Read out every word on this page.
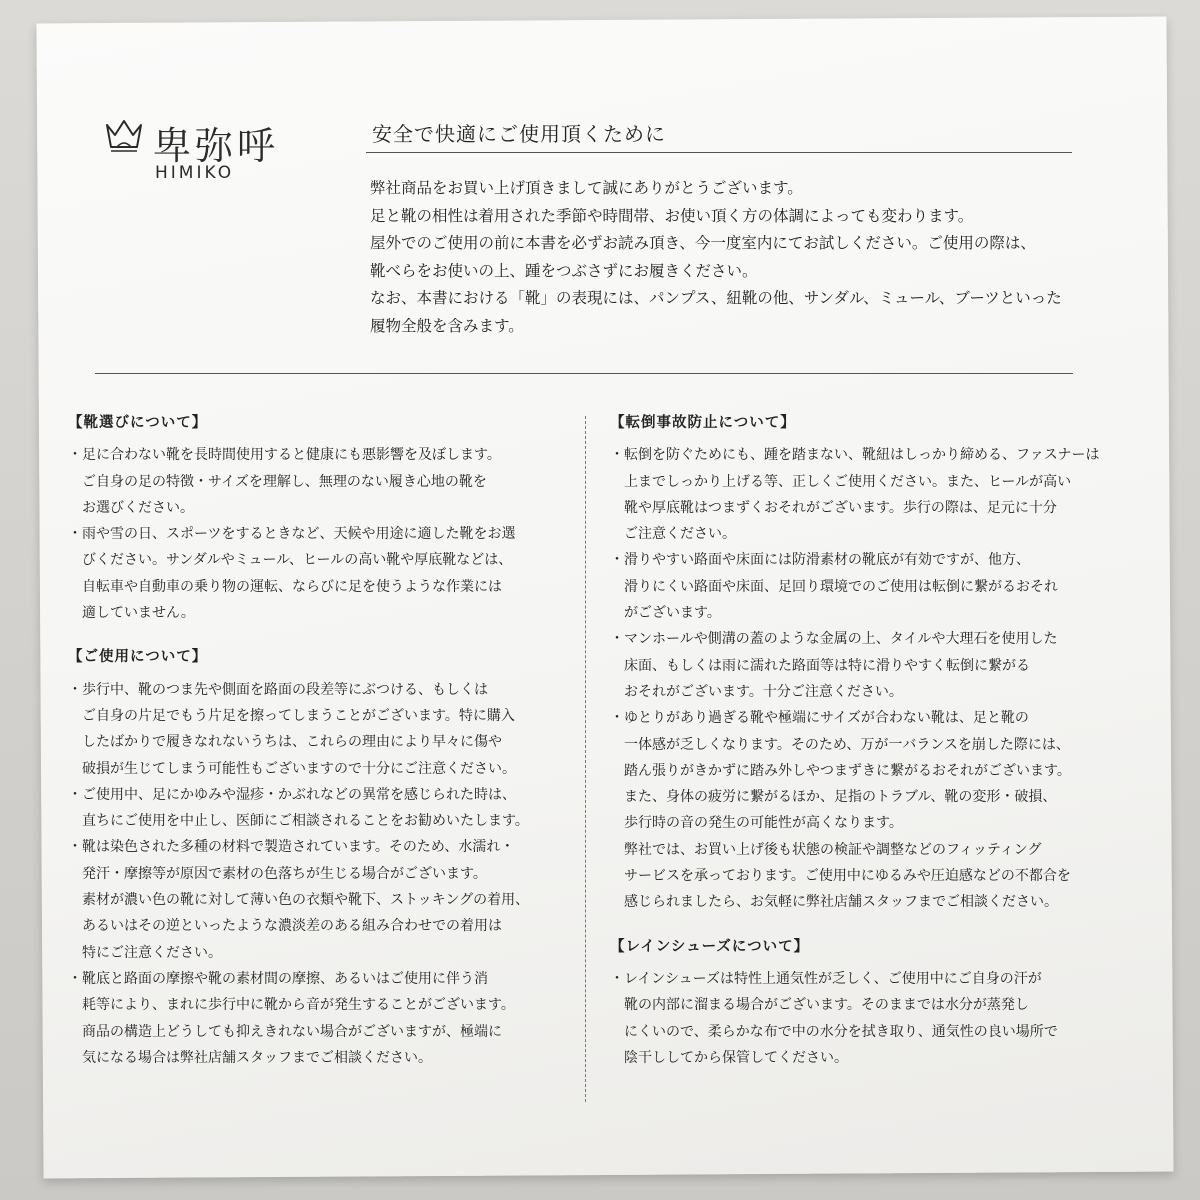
卑弥呼
HIMIKO
安全で快適にご使用頂くために

弊社商品をお買い上げ頂きまして誠にありがとうございます。

足と靴の相性は着用された季節や時間帯、お使い頂く方の体調によっても変わります。

屋外でのご使用の前に本書を必ずお読み頂き、今一度室内にてお試しください。ご使用の際は、

靴べらをお使いの上、踵をつぶさずにお履きください。

なお、本書における「靴」の表現には、パンプス、紐靴の他、サンダル、ミュール、ブーツといった

履物全般を含みます。

【靴選びについて】
・足に合わない靴を長時間使用すると健康にも悪影響を及ぼします。
ご自身の足の特徴・サイズを理解し、無理のない履き心地の靴を
お選びください。
・雨や雪の日、スポーツをするときなど、天候や用途に適した靴をお選
びください。サンダルやミュール、ヒールの高い靴や厚底靴などは、
自転車や自動車の乗り物の運転、ならびに足を使うような作業には
適していません。
【ご使用について】
・歩行中、靴のつま先や側面を路面の段差等にぶつける、もしくは
ご自身の片足でもう片足を擦ってしまうことがございます。特に購入
したばかりで履きなれないうちは、これらの理由により早々に傷や
破損が生じてしまう可能性もございますので十分にご注意ください。
・ご使用中、足にかゆみや湿疹・かぶれなどの異常を感じられた時は、
直ちにご使用を中止し、医師にご相談されることをお勧めいたします。
・靴は染色された多種の材料で製造されています。そのため、水濡れ・
発汗・摩擦等が原因で素材の色落ちが生じる場合がございます。
素材が濃い色の靴に対して薄い色の衣類や靴下、ストッキングの着用、
あるいはその逆といったような濃淡差のある組み合わせでの着用は
特にご注意ください。
・靴底と路面の摩擦や靴の素材間の摩擦、あるいはご使用に伴う消
耗等により、まれに歩行中に靴から音が発生することがございます。
商品の構造上どうしても抑えきれない場合がございますが、極端に
気になる場合は弊社店舗スタッフまでご相談ください。
【転倒事故防止について】
・転倒を防ぐためにも、踵を踏まない、靴紐はしっかり締める、ファスナーは
上までしっかり上げる等、正しくご使用ください。また、ヒールが高い
靴や厚底靴はつまずくおそれがございます。歩行の際は、足元に十分
ご注意ください。
・滑りやすい路面や床面には防滑素材の靴底が有効ですが、他方、
滑りにくい路面や床面、足回り環境でのご使用は転倒に繋がるおそれ
がございます。
・マンホールや側溝の蓋のような金属の上、タイルや大理石を使用した
床面、もしくは雨に濡れた路面等は特に滑りやすく転倒に繋がる
おそれがございます。十分ご注意ください。
・ゆとりがあり過ぎる靴や極端にサイズが合わない靴は、足と靴の
一体感が乏しくなります。そのため、万が一バランスを崩した際には、
踏ん張りがきかずに踏み外しやつまずきに繋がるおそれがございます。
また、身体の疲労に繋がるほか、足指のトラブル、靴の変形・破損、
歩行時の音の発生の可能性が高くなります。
弊社では、お買い上げ後も状態の検証や調整などのフィッティング
サービスを承っております。ご使用中にゆるみや圧迫感などの不都合を
感じられましたら、お気軽に弊社店舗スタッフまでご相談ください。
【レインシューズについて】
・レインシューズは特性上通気性が乏しく、ご使用中にご自身の汗が
靴の内部に溜まる場合がございます。そのままでは水分が蒸発し
にくいので、柔らかな布で中の水分を拭き取り、通気性の良い場所で
陰干ししてから保管してください。
